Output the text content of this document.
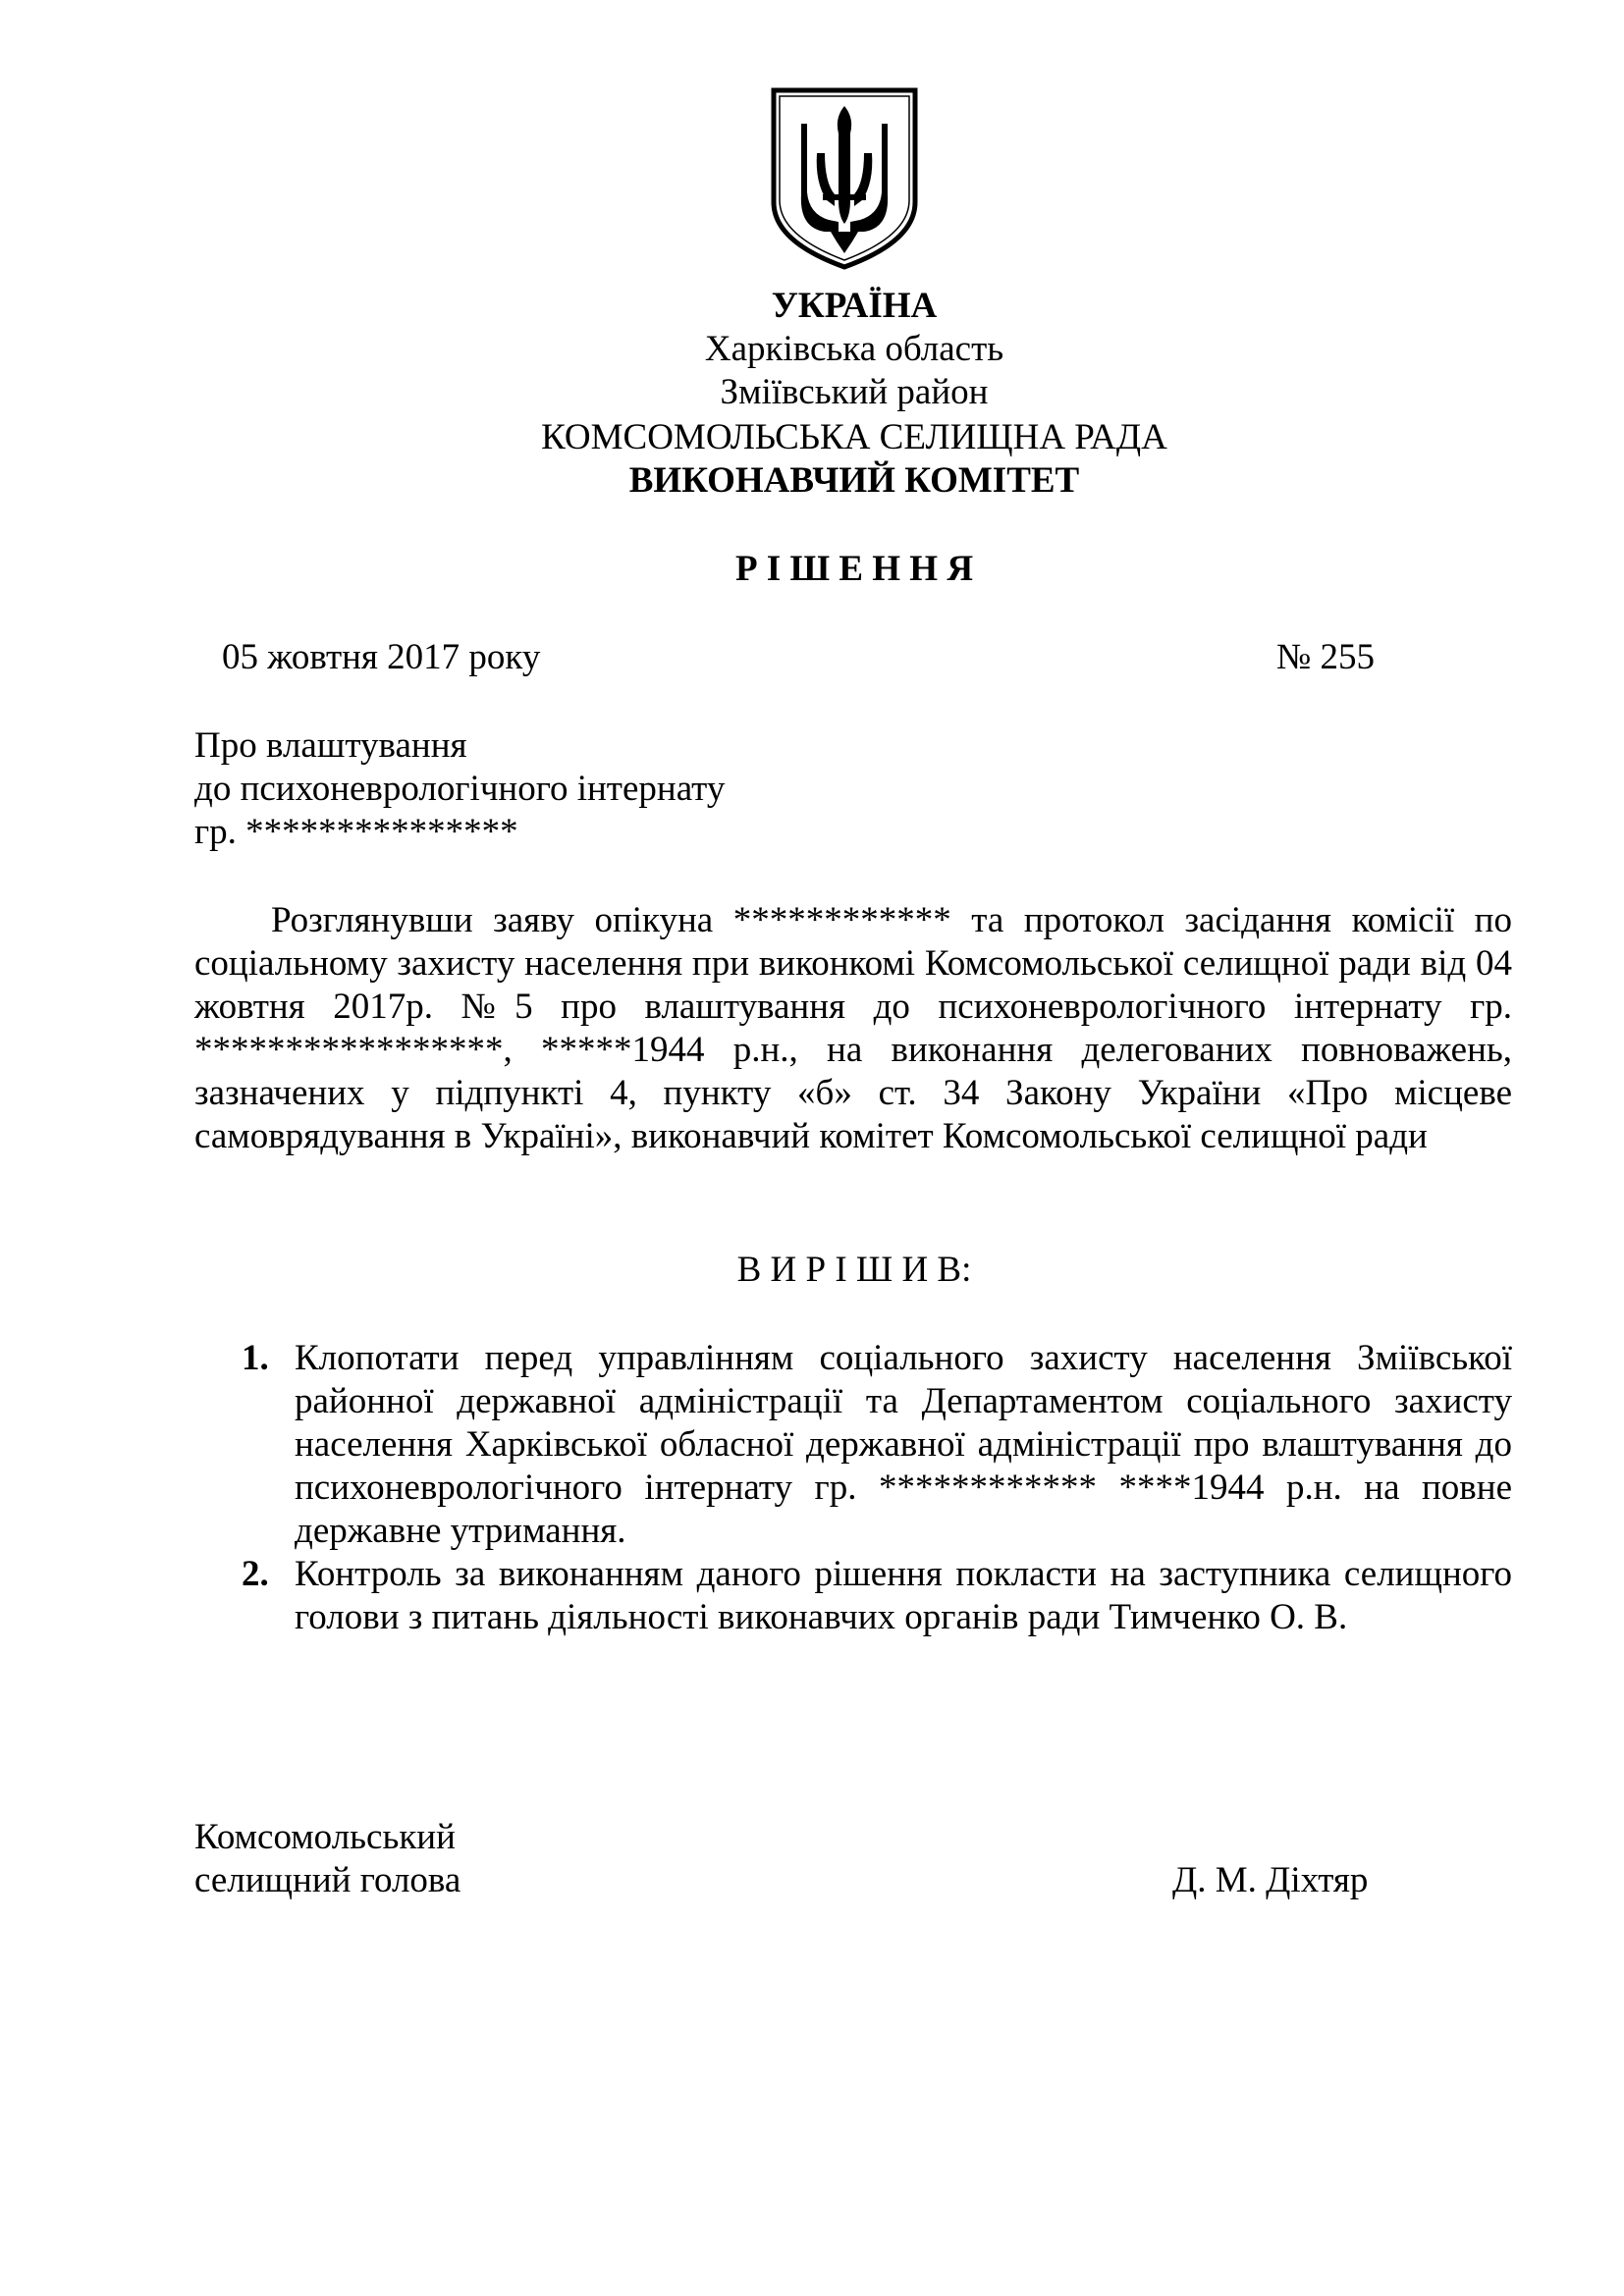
УКРАЇНА
Харківська область
Зміївський район
КОМСОМОЛЬСЬКА СЕЛИЩНА РАДА
ВИКОНАВЧИЙ КОМІТЕТ
Р І Ш Е Н Н Я
05 жовтня 2017 року	№ 255
Про влаштування
до психоневрологічного інтернату
гр. ***************

Розглянувши заяву опікуна ************ та протокол засідання комісії по соціальному захисту населення при виконкомі Комсомольської селищної ради від 04 жовтня 2017р. №5 про влаштування до психоневрологічного інтернату гр. *****************, *****1944 р.н., на виконання делегованих повноважень, зазначених у підпункті 4, пункту «б» ст. 34 Закону України «Про місцеве самоврядування в Україні», виконавчий комітет Комсомольської селищної ради

В И Р І Ш И В:
1. Клопотати перед управлінням соціального захисту населення Зміївської районної державної адміністрації та Департаментом соціального захисту населення Харківської обласної державної адміністрації про влаштування до психоневрологічного інтернату гр. ************ ****1944 р.н. на повне державне утримання.
2. Контроль за виконанням даного рішення покласти на заступника селищного голови з питань діяльності виконавчих органів ради Тимченко О. В.
Комсомольський
селищний голова	Д. М. Діхтяр
